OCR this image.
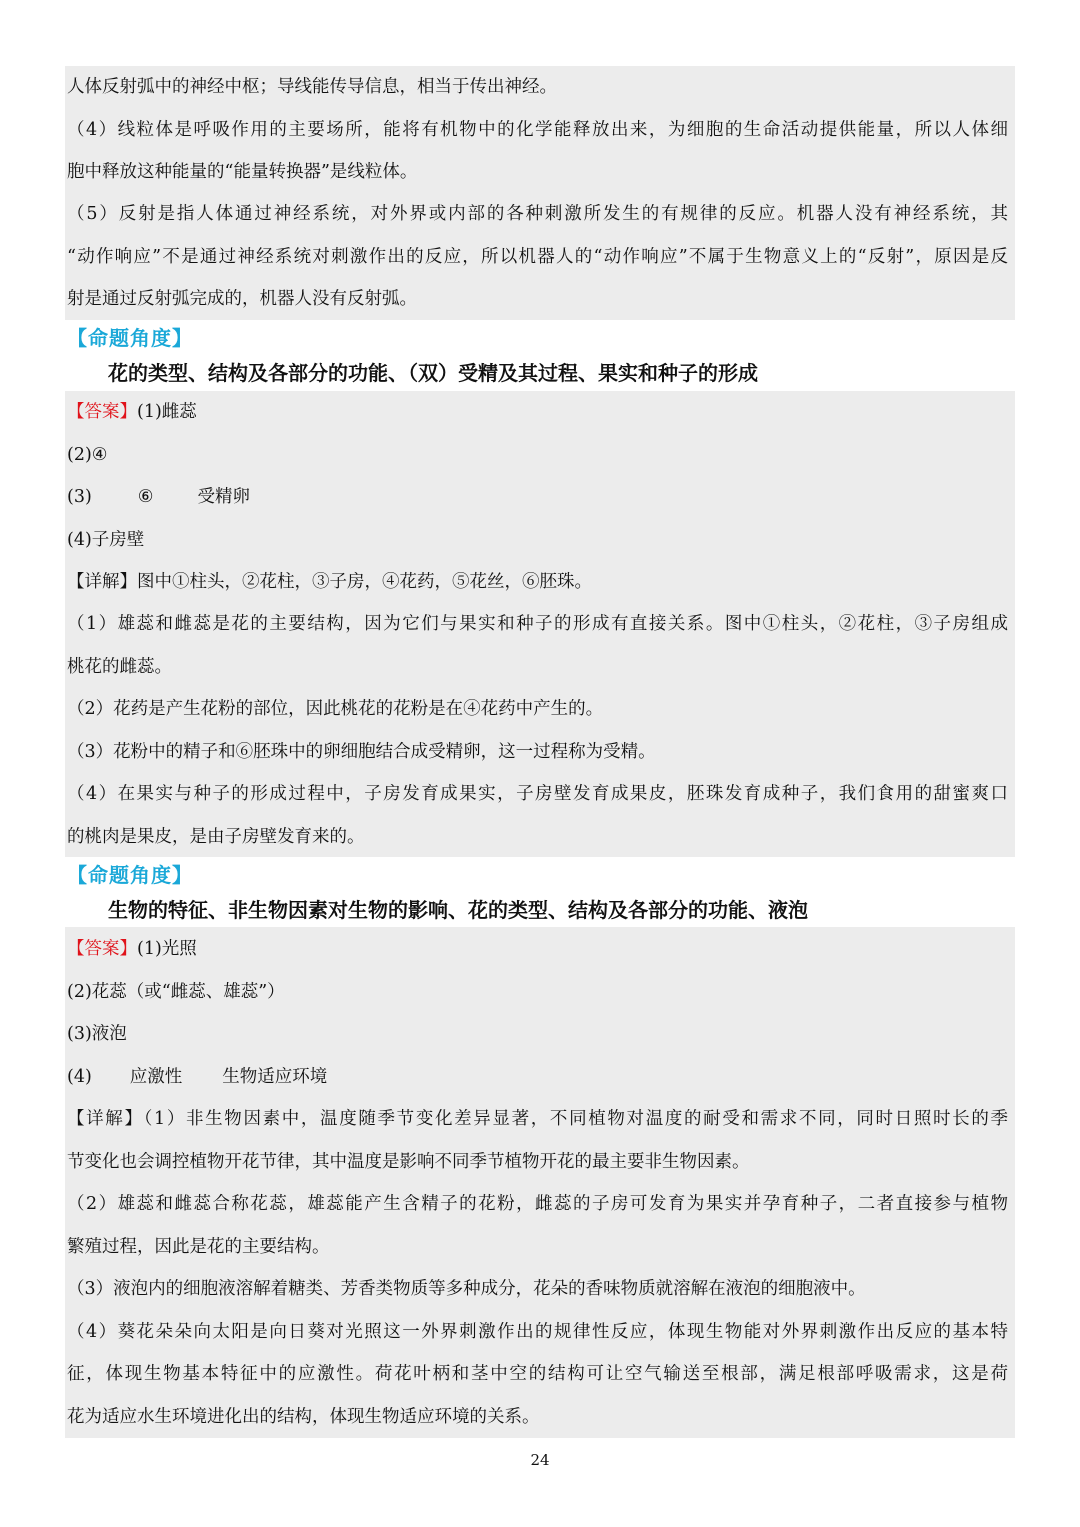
人体反射弧中的神经中枢；导线能传导信息，相当于传出神经。
（4）线粒体是呼吸作用的主要场所，能将有机物中的化学能释放出来，为细胞的生命活动提供能量，所以人体细
胞中释放这种能量的“能量转换器”是线粒体。
（5）反射是指人体通过神经系统，对外界或内部的各种刺激所发生的有规律的反应。机器人没有神经系统，其
“动作响应”不是通过神经系统对刺激作出的反应，所以机器人的“动作响应”不属于生物意义上的“反射”，原因是反
射是通过反射弧完成的，机器人没有反射弧。
【命题角度】
花的类型、结构及各部分的功能、（双）受精及其过程、果实和种子的形成
【答案】(1)雌蕊
(2)④
(3)	⑥	受精卵
(4)子房壁
【详解】图中①柱头，②花柱，③子房，④花药，⑤花丝，⑥胚珠。
（1）雄蕊和雌蕊是花的主要结构，因为它们与果实和种子的形成有直接关系。图中①柱头，②花柱，③子房组成
桃花的雌蕊。
（2）花药是产生花粉的部位，因此桃花的花粉是在④花药中产生的。
（3）花粉中的精子和⑥胚珠中的卵细胞结合成受精卵，这一过程称为受精。
（4）在果实与种子的形成过程中，子房发育成果实，子房壁发育成果皮，胚珠发育成种子，我们食用的甜蜜爽口
的桃肉是果皮，是由子房壁发育来的。
【命题角度】
生物的特征、非生物因素对生物的影响、花的类型、结构及各部分的功能、液泡
【答案】(1)光照
(2)花蕊（或“雌蕊、雄蕊”）
(3)液泡
(4) 应激性 生物适应环境
【详解】（1）非生物因素中，温度随季节变化差异显著，不同植物对温度的耐受和需求不同，同时日照时长的季
节变化也会调控植物开花节律，其中温度是影响不同季节植物开花的最主要非生物因素。
（2）雄蕊和雌蕊合称花蕊，雄蕊能产生含精子的花粉，雌蕊的子房可发育为果实并孕育种子，二者直接参与植物
繁殖过程，因此是花的主要结构。
（3）液泡内的细胞液溶解着糖类、芳香类物质等多种成分，花朵的香味物质就溶解在液泡的细胞液中。
（4）葵花朵朵向太阳是向日葵对光照这一外界刺激作出的规律性反应，体现生物能对外界刺激作出反应的基本特
征，体现生物基本特征中的应激性。荷花叶柄和茎中空的结构可让空气输送至根部，满足根部呼吸需求，这是荷
花为适应水生环境进化出的结构，体现生物适应环境的关系。
24
